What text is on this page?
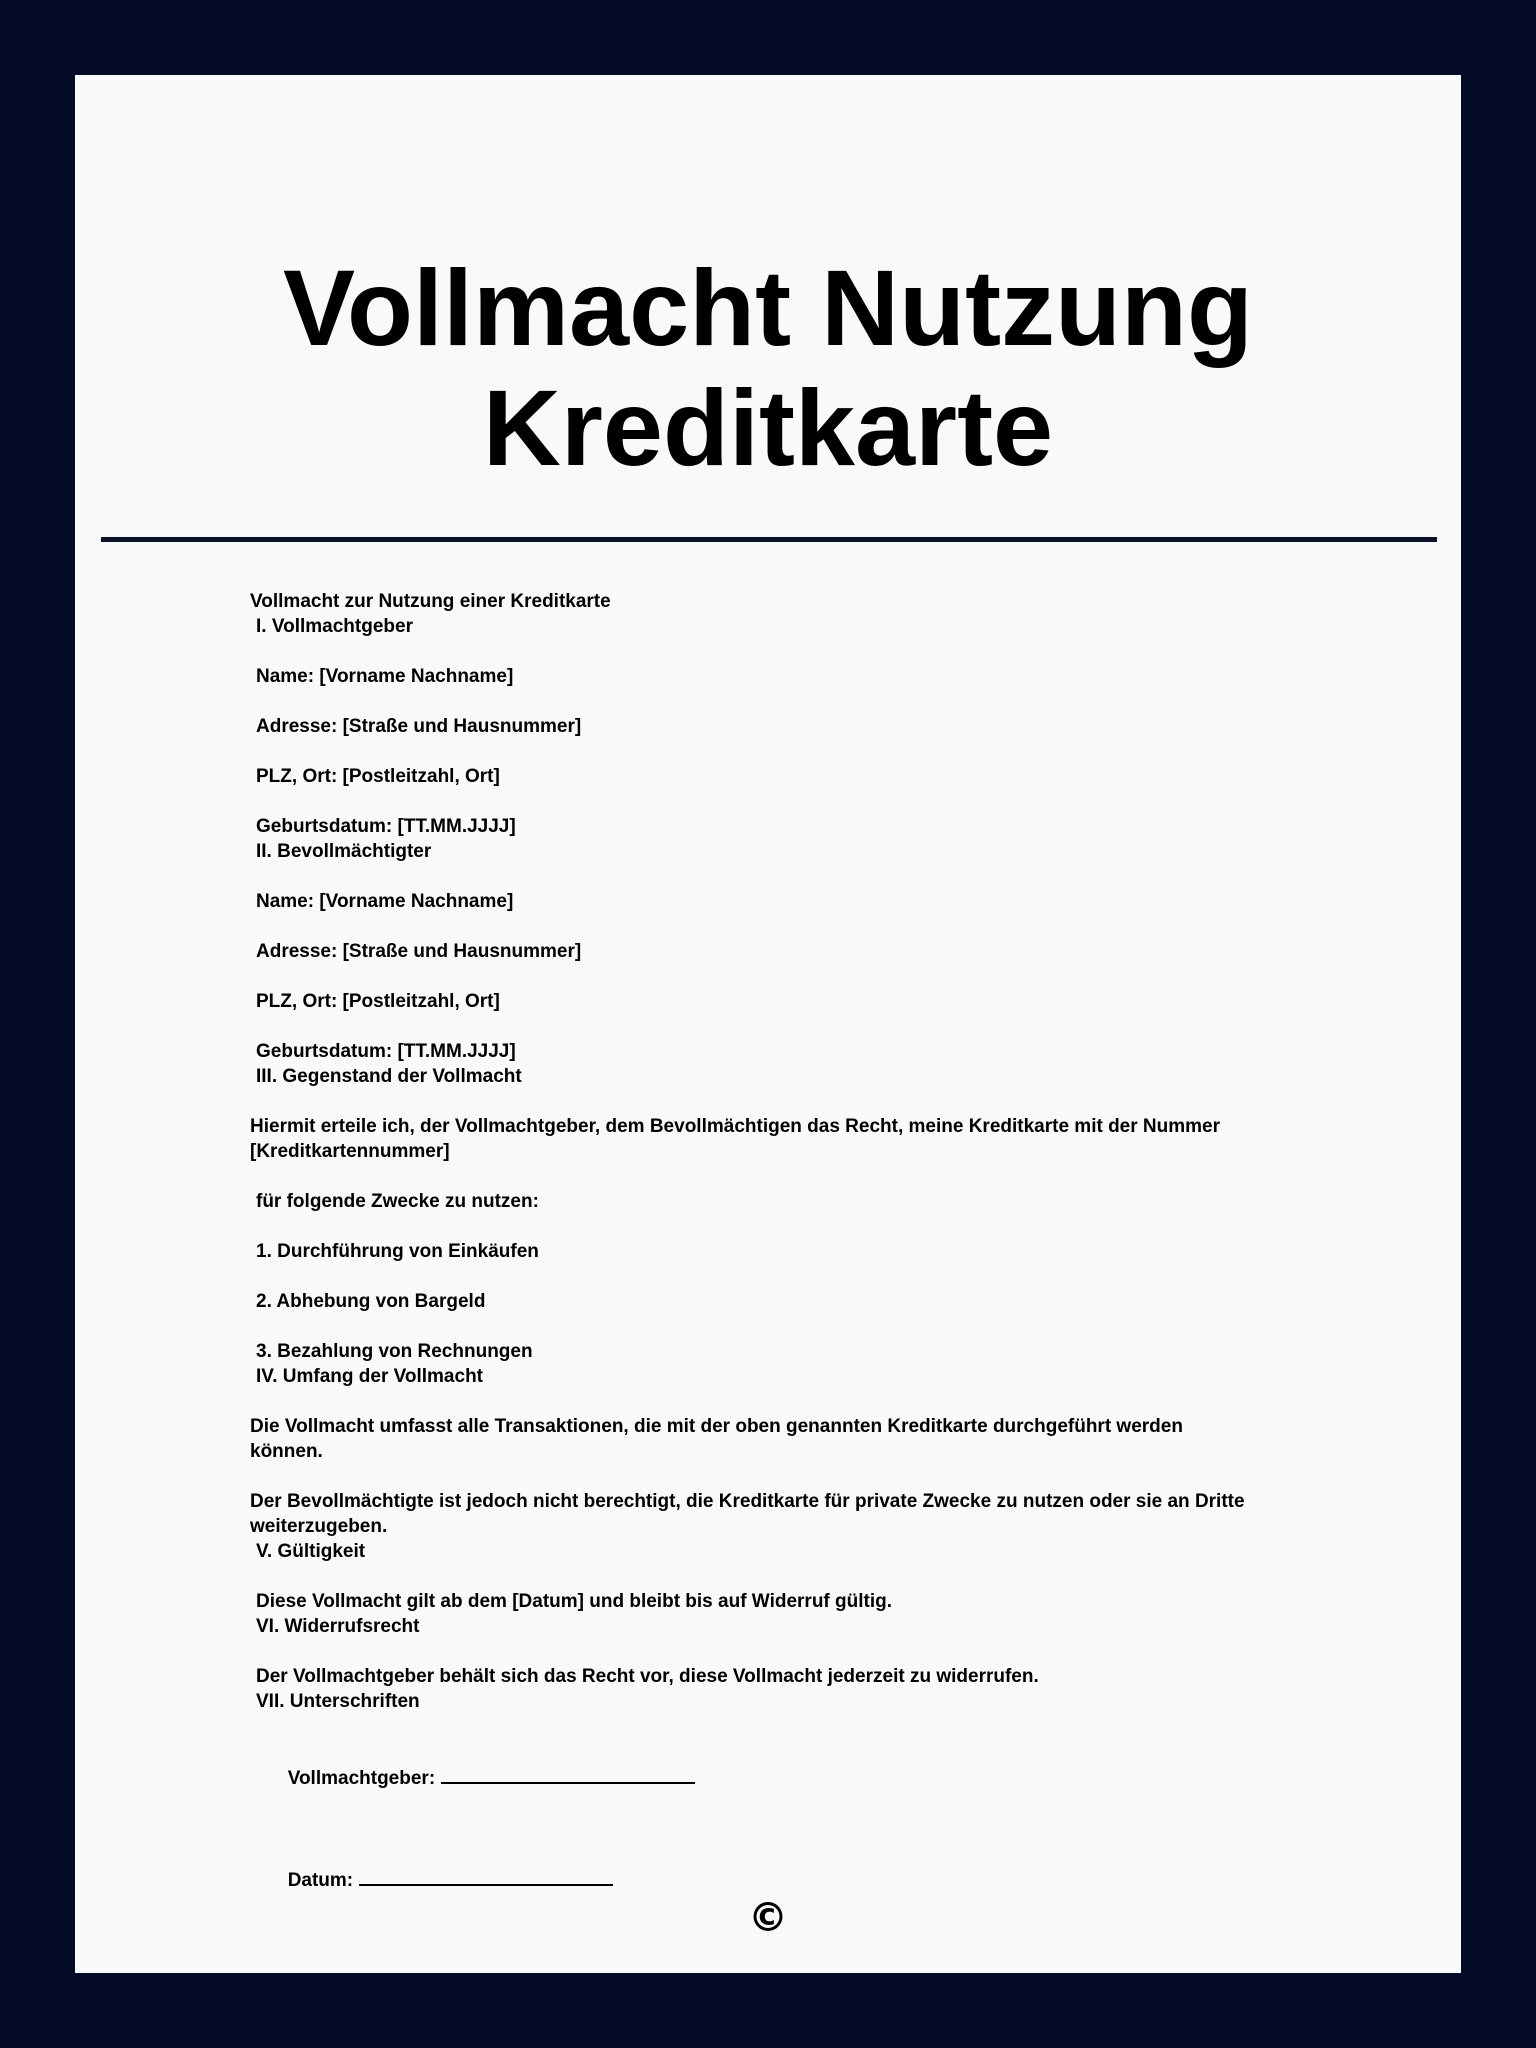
Vollmacht Nutzung Kreditkarte
Vollmacht zur Nutzung einer Kreditkarte
I. Vollmachtgeber
Name: [Vorname Nachname]
Adresse: [Straße und Hausnummer]
PLZ, Ort: [Postleitzahl, Ort]
Geburtsdatum: [TT.MM.JJJJ]
II. Bevollmächtigter
Name: [Vorname Nachname]
Adresse: [Straße und Hausnummer]
PLZ, Ort: [Postleitzahl, Ort]
Geburtsdatum: [TT.MM.JJJJ]
III. Gegenstand der Vollmacht
Hiermit erteile ich, der Vollmachtgeber, dem Bevollmächtigen das Recht, meine Kreditkarte mit der Nummer [Kreditkartennummer]
für folgende Zwecke zu nutzen:
1. Durchführung von Einkäufen
2. Abhebung von Bargeld
3. Bezahlung von Rechnungen
IV. Umfang der Vollmacht
Die Vollmacht umfasst alle Transaktionen, die mit der oben genannten Kreditkarte durchgeführt werden können.
Der Bevollmächtigte ist jedoch nicht berechtigt, die Kreditkarte für private Zwecke zu nutzen oder sie an Dritte weiterzugeben.
V. Gültigkeit
Diese Vollmacht gilt ab dem [Datum] und bleibt bis auf Widerruf gültig.
VI. Widerrufsrecht
Der Vollmachtgeber behält sich das Recht vor, diese Vollmacht jederzeit zu widerrufen.
VII. Unterschriften

Vollmachtgeber:

Datum:

©
